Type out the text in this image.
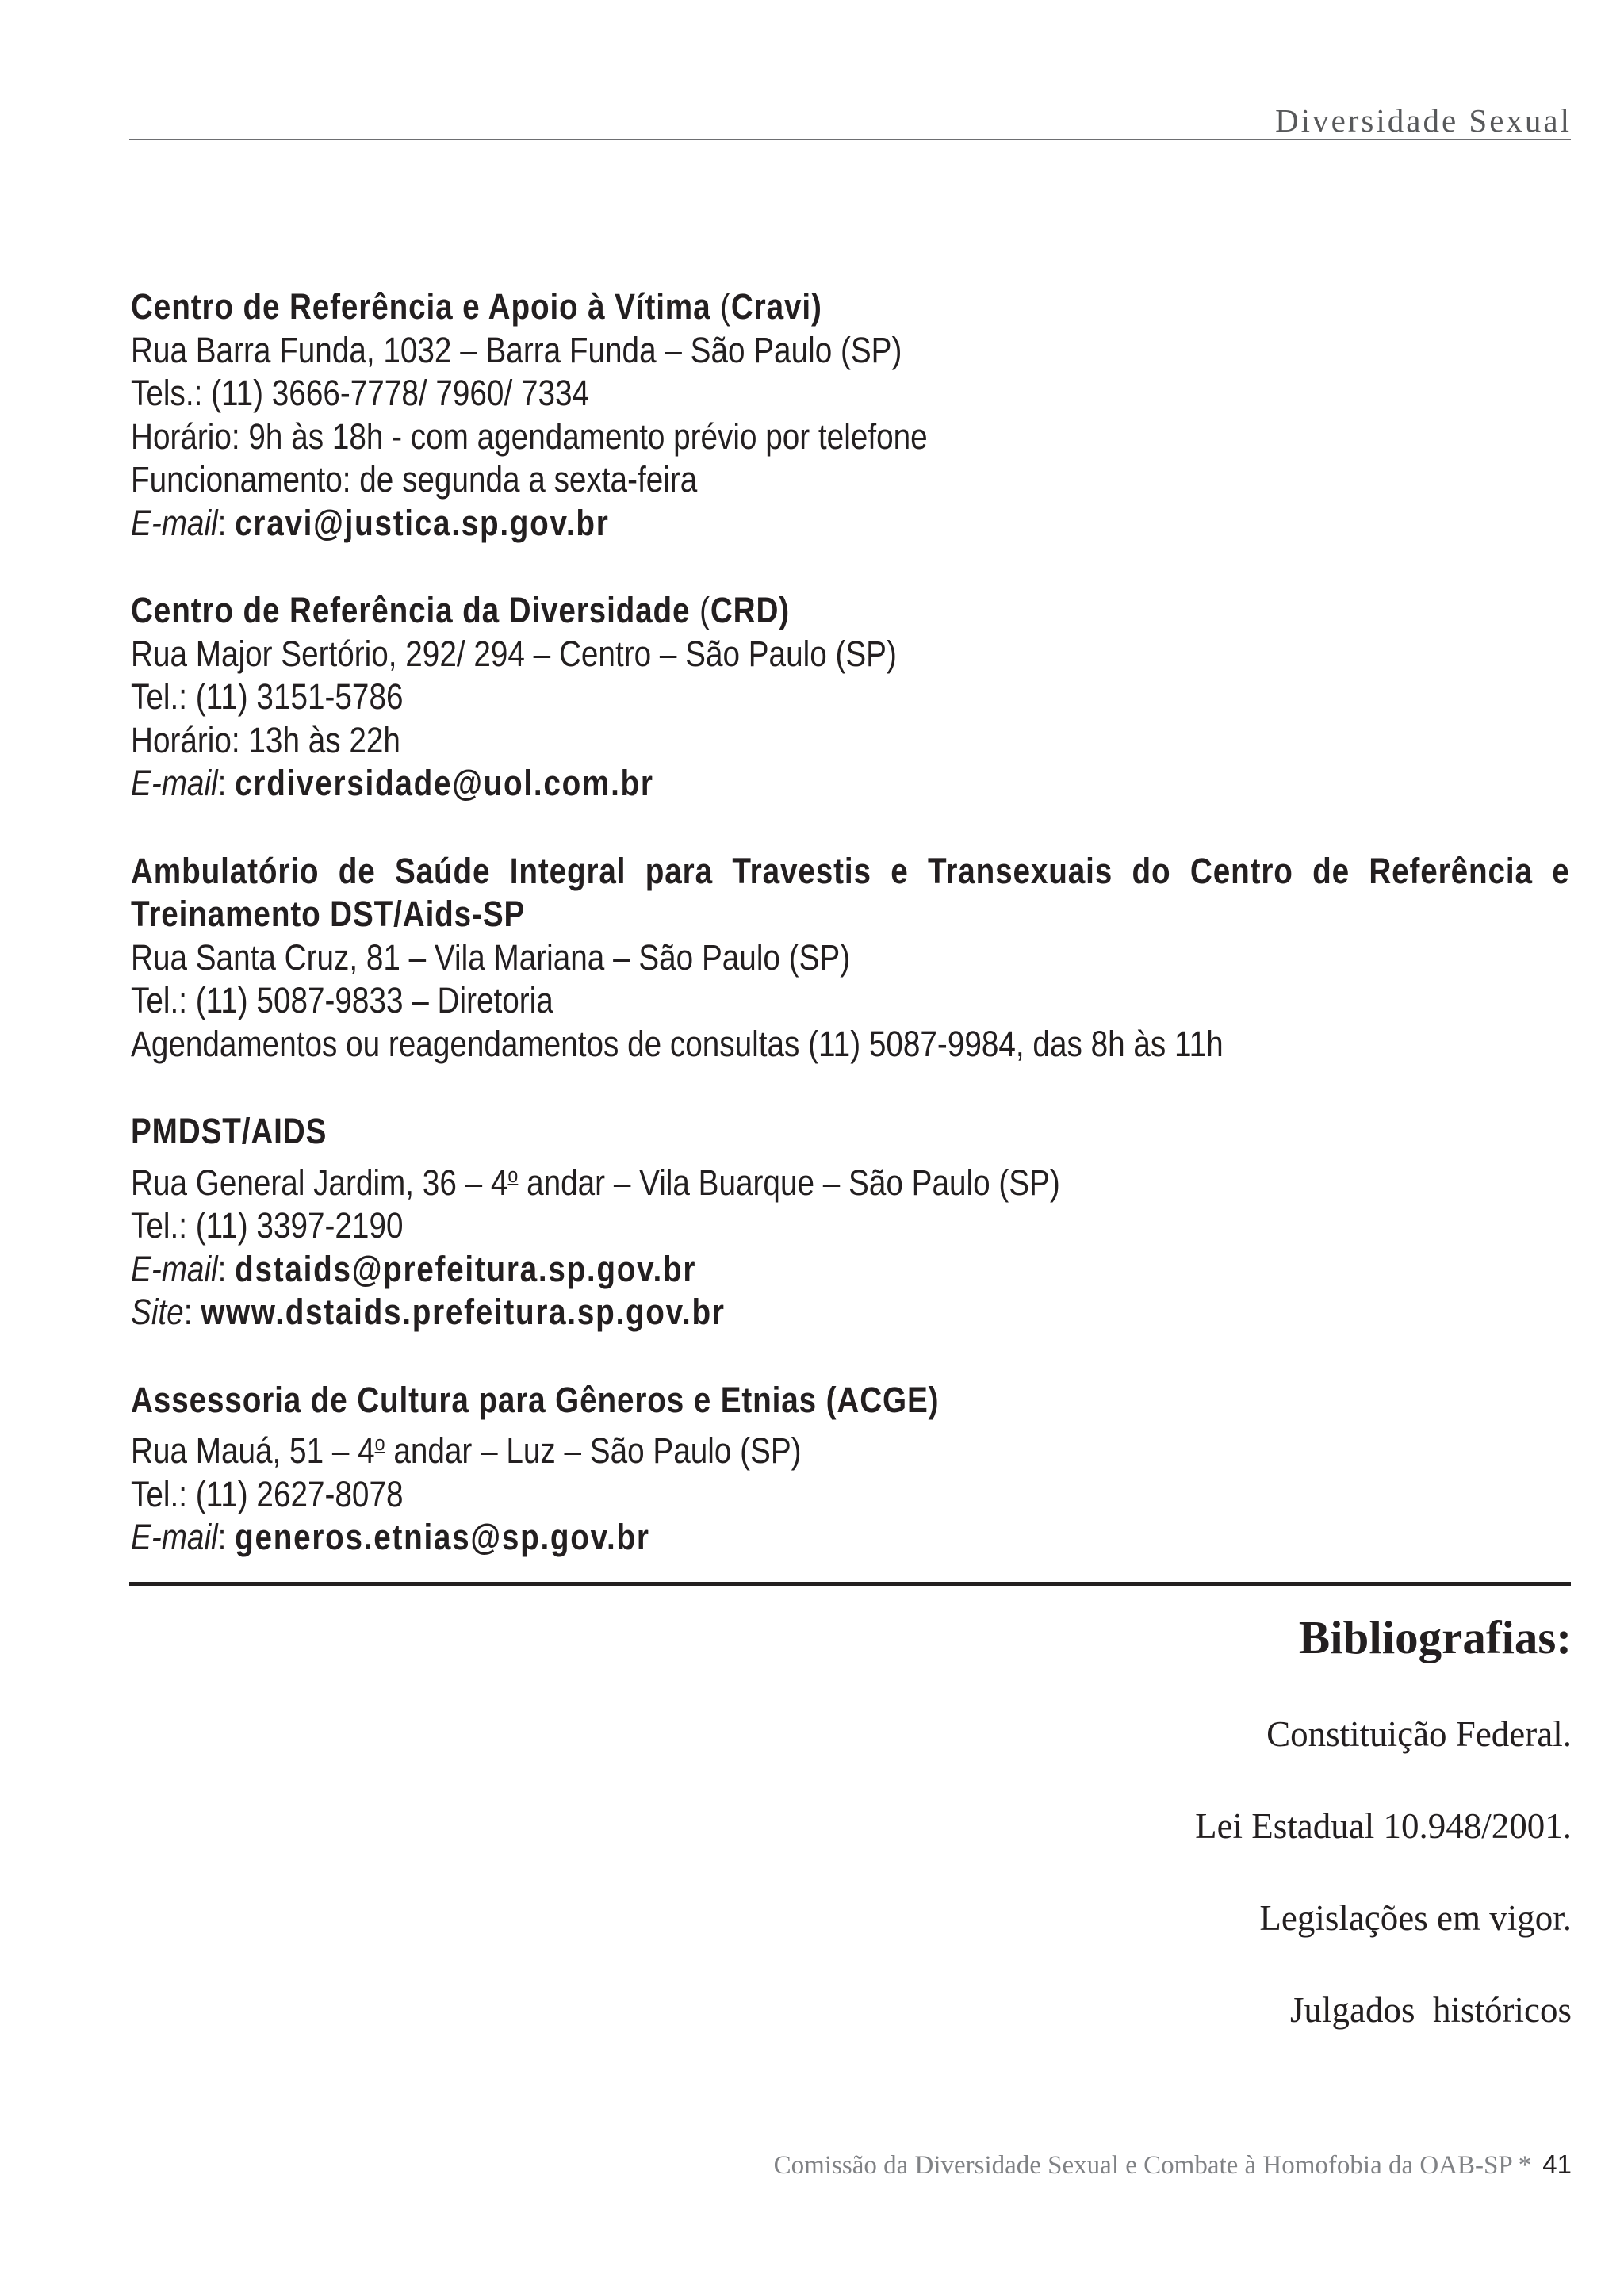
Diversidade Sexual
Centro de Referência e Apoio à Vítima (Cravi)
Rua Barra Funda, 1032 – Barra Funda – São Paulo (SP)
Tels.: (11) 3666-7778/ 7960/ 7334
Horário: 9h às 18h - com agendamento prévio por telefone
Funcionamento: de segunda a sexta-feira
E-mail: cravi@justica.sp.gov.br
Centro de Referência da Diversidade (CRD)
Rua Major Sertório, 292/ 294 – Centro – São Paulo (SP)
Tel.: (11) 3151-5786
Horário: 13h às 22h
E-mail: crdiversidade@uol.com.br
Ambulatório de Saúde Integral para Travestis e Transexuais do Centro de Referência e Treinamento DST/Aids-SP
Rua Santa Cruz, 81 – Vila Mariana – São Paulo (SP)
Tel.: (11) 5087-9833 – Diretoria
Agendamentos ou reagendamentos de consultas (11) 5087-9984, das 8h às 11h
PMDST/AIDS
Rua General Jardim, 36 – 4$^o$ andar – Vila Buarque – São Paulo (SP)
Tel.: (11) 3397-2190
E-mail: dstaids@prefeitura.sp.gov.br
Site: www.dstaids.prefeitura.sp.gov.br
Assessoria de Cultura para Gêneros e Etnias (ACGE)
Rua Mauá, 51 – 4$^o$ andar – Luz – São Paulo (SP)
Tel.: (11) 2627-8078
E-mail: generos.etnias@sp.gov.br
Bibliografias:
Constituição Federal.
Lei Estadual 10.948/2001.
Legislações em vigor.
Julgados  históricos
Comissão da Diversidade Sexual e Combate à Homofobia da OAB-SP * 41
